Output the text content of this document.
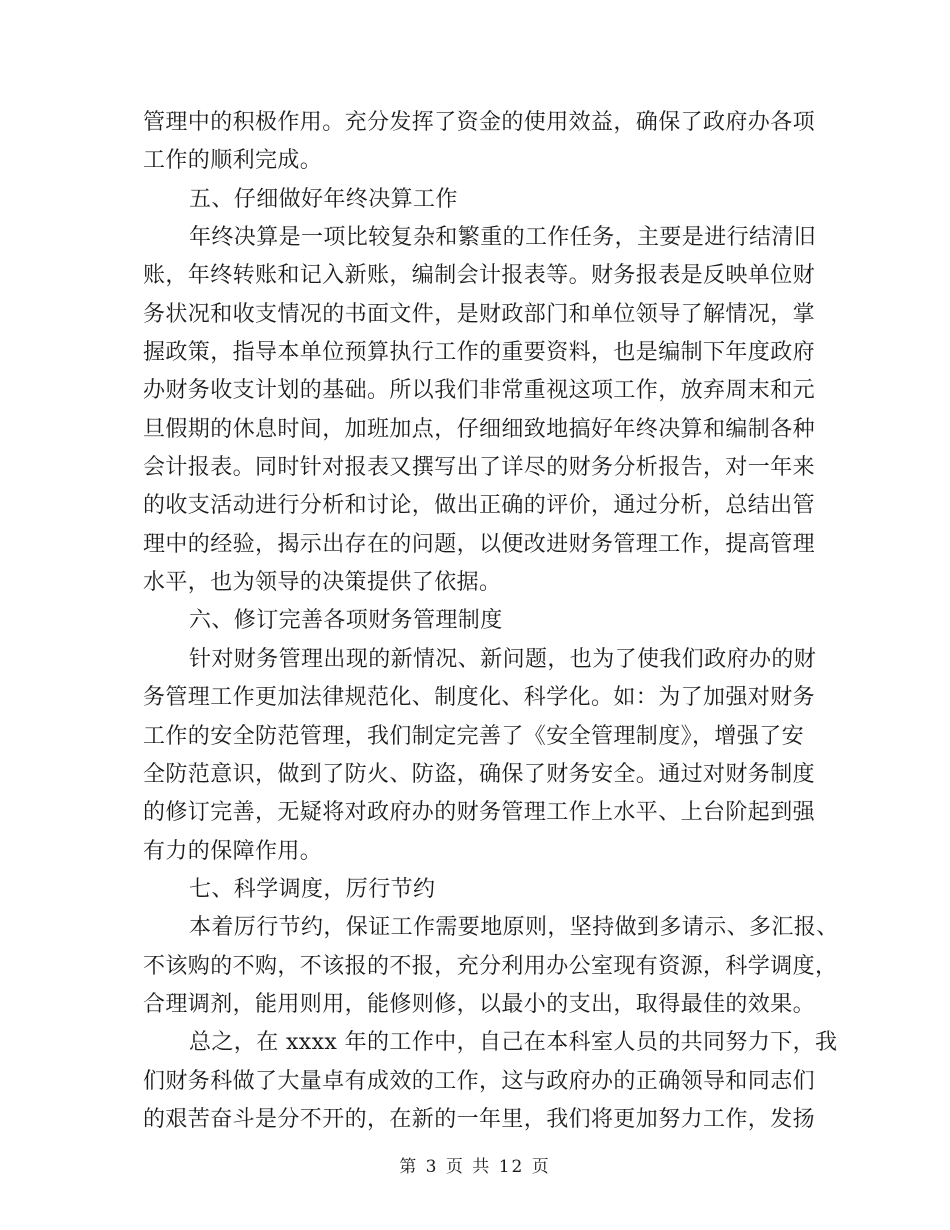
管理中的积极作用。充分发挥了资金的使用效益，确保了政府办各项
工作的顺利完成。
五、仔细做好年终决算工作
年终决算是一项比较复杂和繁重的工作任务，主要是进行结清旧
账，年终转账和记入新账，编制会计报表等。财务报表是反映单位财
务状况和收支情况的书面文件，是财政部门和单位领导了解情况，掌
握政策，指导本单位预算执行工作的重要资料，也是编制下年度政府
办财务收支计划的基础。所以我们非常重视这项工作，放弃周末和元
旦假期的休息时间，加班加点，仔细细致地搞好年终决算和编制各种
会计报表。同时针对报表又撰写出了详尽的财务分析报告，对一年来
的收支活动进行分析和讨论，做出正确的评价，通过分析，总结出管
理中的经验，揭示出存在的问题，以便改进财务管理工作，提高管理
水平，也为领导的决策提供了依据。
六、修订完善各项财务管理制度
针对财务管理出现的新情况、新问题，也为了使我们政府办的财
务管理工作更加法律规范化、制度化、科学化。如：为了加强对财务
工作的安全防范管理，我们制定完善了《安全管理制度》，增强了安
全防范意识，做到了防火、防盗，确保了财务安全。通过对财务制度
的修订完善，无疑将对政府办的财务管理工作上水平、上台阶起到强
有力的保障作用。
七、科学调度，厉行节约
本着厉行节约，保证工作需要地原则，坚持做到多请示、多汇报、
不该购的不购，不该报的不报，充分利用办公室现有资源，科学调度，
合理调剂，能用则用，能修则修，以最小的支出，取得最佳的效果。
总之，在 xxxx 年的工作中，自己在本科室人员的共同努力下，我
们财务科做了大量卓有成效的工作，这与政府办的正确领导和同志们
的艰苦奋斗是分不开的，在新的一年里，我们将更加努力工作，发扬
第 3 页 共 12 页
